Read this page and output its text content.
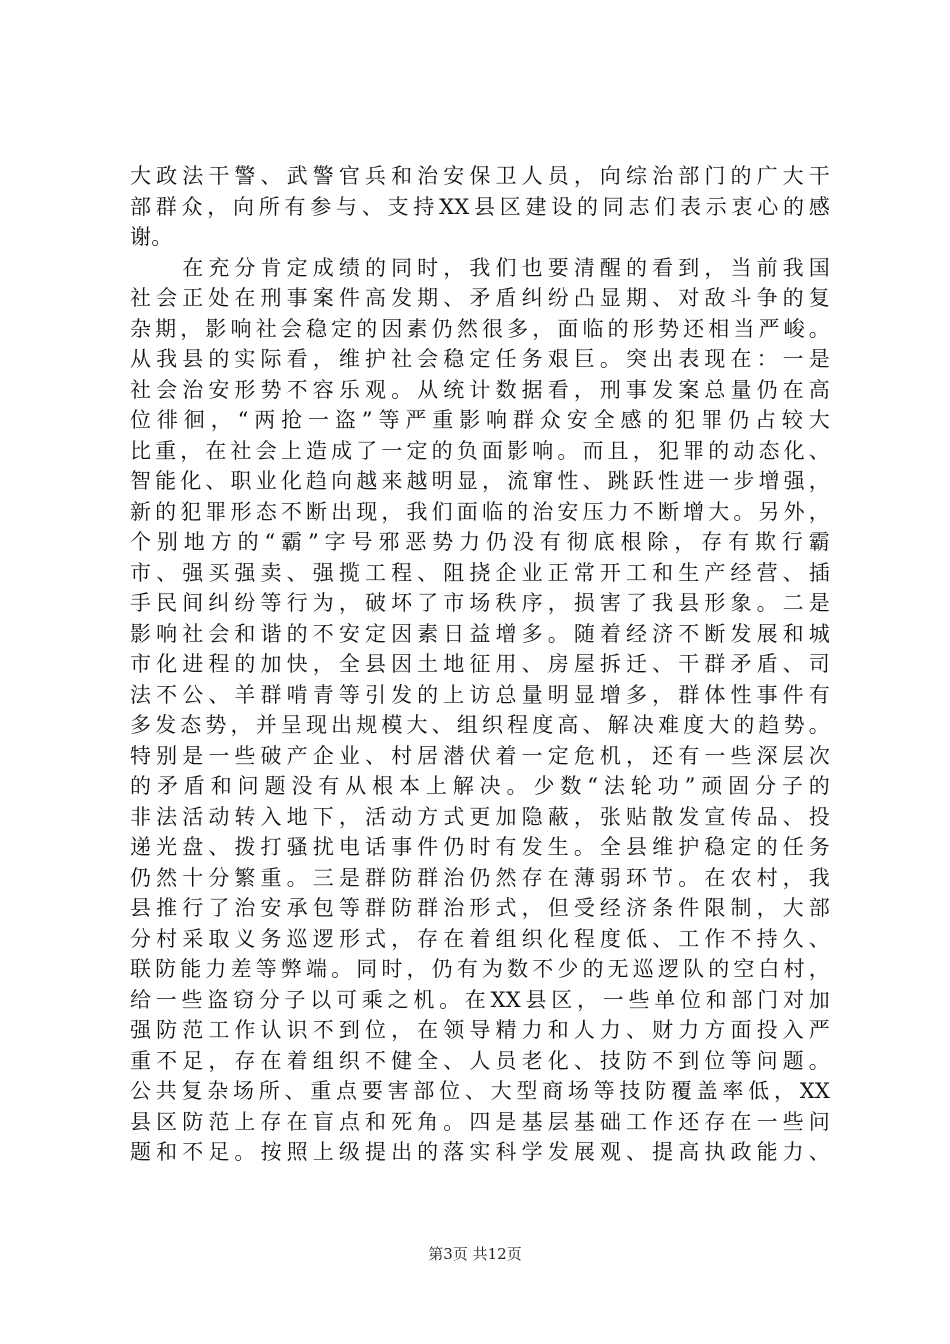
大政法干警、武警官兵和治安保卫人员，向综治部门的广大干
部群众，向所有参与、支持XX县区建设的同志们表示衷心的感
谢。
　　在充分肯定成绩的同时，我们也要清醒的看到，当前我国
社会正处在刑事案件高发期、矛盾纠纷凸显期、对敌斗争的复
杂期，影响社会稳定的因素仍然很多，面临的形势还相当严峻。
从我县的实际看，维护社会稳定任务艰巨。突出表现在：一是
社会治安形势不容乐观。从统计数据看，刑事发案总量仍在高
位徘徊，“两抢一盗”等严重影响群众安全感的犯罪仍占较大
比重，在社会上造成了一定的负面影响。而且，犯罪的动态化、
智能化、职业化趋向越来越明显，流窜性、跳跃性进一步增强，
新的犯罪形态不断出现，我们面临的治安压力不断增大。另外，
个别地方的“霸”字号邪恶势力仍没有彻底根除，存有欺行霸
市、强买强卖、强揽工程、阻挠企业正常开工和生产经营、插
手民间纠纷等行为，破坏了市场秩序，损害了我县形象。二是
影响社会和谐的不安定因素日益增多。随着经济不断发展和城
市化进程的加快，全县因土地征用、房屋拆迁、干群矛盾、司
法不公、羊群啃青等引发的上访总量明显增多，群体性事件有
多发态势，并呈现出规模大、组织程度高、解决难度大的趋势。
特别是一些破产企业、村居潜伏着一定危机，还有一些深层次
的矛盾和问题没有从根本上解决。少数“法轮功”顽固分子的
非法活动转入地下，活动方式更加隐蔽，张贴散发宣传品、投
递光盘、拨打骚扰电话事件仍时有发生。全县维护稳定的任务
仍然十分繁重。三是群防群治仍然存在薄弱环节。在农村，我
县推行了治安承包等群防群治形式，但受经济条件限制，大部
分村采取义务巡逻形式，存在着组织化程度低、工作不持久、
联防能力差等弊端。同时，仍有为数不少的无巡逻队的空白村，
给一些盗窃分子以可乘之机。在XX县区，一些单位和部门对加
强防范工作认识不到位，在领导精力和人力、财力方面投入严
重不足，存在着组织不健全、人员老化、技防不到位等问题。
公共复杂场所、重点要害部位、大型商场等技防覆盖率低，XX
县区防范上存在盲点和死角。四是基层基础工作还存在一些问
题和不足。按照上级提出的落实科学发展观、提高执政能力、
第3页 共12页
